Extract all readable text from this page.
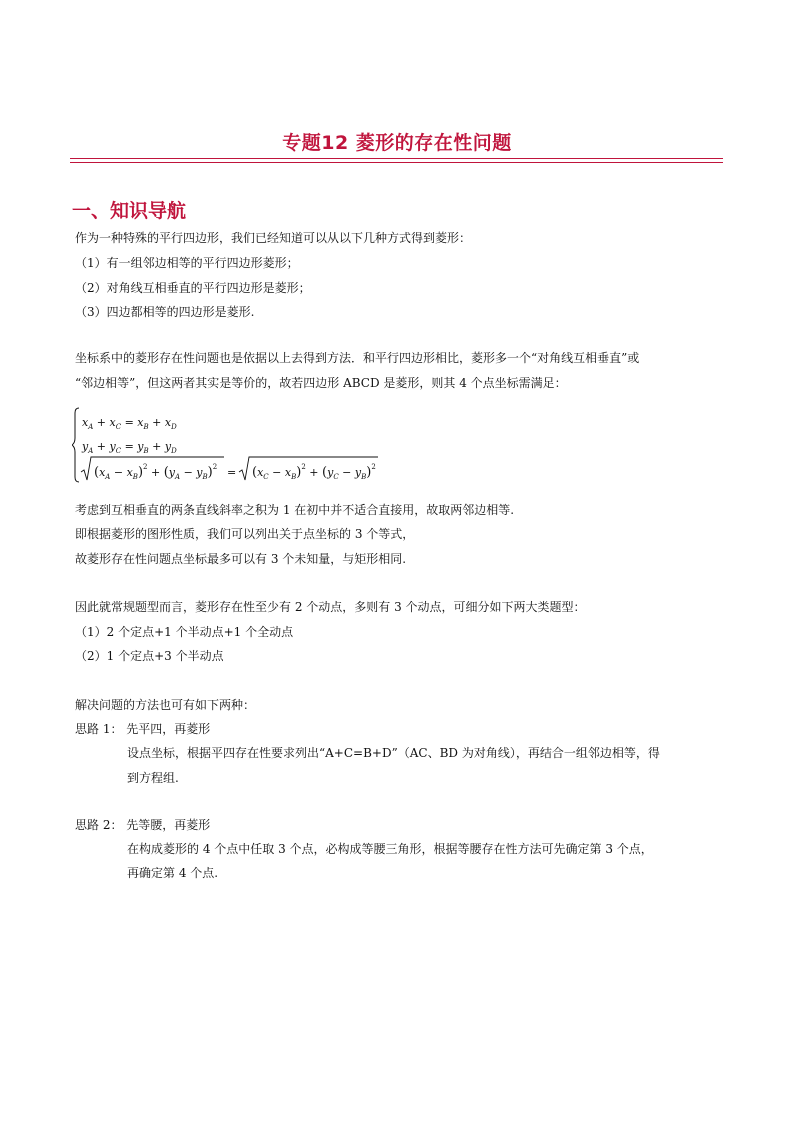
专题12 菱形的存在性问题
一、知识导航
作为一种特殊的平行四边形，我们已经知道可以从以下几种方式得到菱形：
（1）有一组邻边相等的平行四边形菱形；
（2）对角线互相垂直的平行四边形是菱形；
（3）四边都相等的四边形是菱形.
坐标系中的菱形存在性问题也是依据以上去得到方法．和平行四边形相比，菱形多一个“对角线互相垂直”或
“邻边相等”，但这两者其实是等价的，故若四边形 ABCD 是菱形，则其 4 个点坐标需满足：
$x_A + x_C = x_B + x_D$
$y_A + y_C = y_B + y_D$
$(x_A - x_B)^2 + (y_A - y_B)^2 = (x_C - x_B)^2 + (y_C - y_B)^2$
考虑到互相垂直的两条直线斜率之积为 1 在初中并不适合直接用，故取两邻边相等.
即根据菱形的图形性质，我们可以列出关于点坐标的 3 个等式，
故菱形存在性问题点坐标最多可以有 3 个未知量，与矩形相同.
因此就常规题型而言，菱形存在性至少有 2 个动点，多则有 3 个动点，可细分如下两大类题型：
（1）2 个定点+1 个半动点+1 个全动点
（2）1 个定点+3 个半动点
解决问题的方法也可有如下两种：
思路 1： 先平四，再菱形
设点坐标，根据平四存在性要求列出“A+C=B+D”（AC、BD 为对角线），再结合一组邻边相等，得
到方程组.
思路 2： 先等腰，再菱形
在构成菱形的 4 个点中任取 3 个点，必构成等腰三角形，根据等腰存在性方法可先确定第 3 个点，
再确定第 4 个点.
